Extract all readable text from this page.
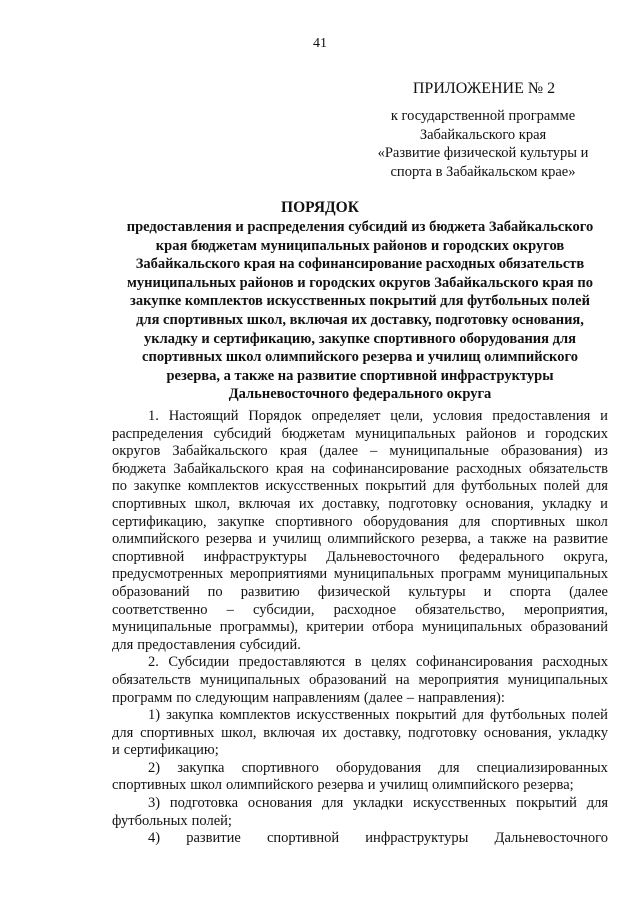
41
ПРИЛОЖЕНИЕ № 2
к государственной программе
Забайкальского края
«Развитие физической культуры и
спорта в Забайкальском крае»
ПОРЯДОК
предоставления и распределения субсидий из бюджета Забайкальского
края бюджетам муниципальных районов и городских округов
Забайкальского края на софинансирование расходных обязательств
муниципальных районов и городских округов Забайкальского края по
закупке комплектов искусственных покрытий для футбольных полей
для спортивных школ, включая их доставку, подготовку основания,
укладку и сертификацию, закупке спортивного оборудования для
спортивных школ олимпийского резерва и училищ олимпийского
резерва, а также на развитие спортивной инфраструктуры
Дальневосточного федерального округа
1. Настоящий Порядок определяет цели, условия предоставления и
распределения субсидий бюджетам муниципальных районов и городских
округов Забайкальского края (далее – муниципальные образования) из
бюджета Забайкальского края на софинансирование расходных обязательств
по закупке комплектов искусственных покрытий для футбольных полей для
спортивных школ, включая их доставку, подготовку основания, укладку и
сертификацию, закупке спортивного оборудования для спортивных школ
олимпийского резерва и училищ олимпийского резерва, а также на развитие
спортивной инфраструктуры Дальневосточного федерального округа,
предусмотренных мероприятиями муниципальных программ муниципальных
образований по развитию физической культуры и спорта (далее
соответственно – субсидии, расходное обязательство, мероприятия,
муниципальные программы), критерии отбора муниципальных образований
для предоставления субсидий.
2. Субсидии предоставляются в целях софинансирования расходных
обязательств муниципальных образований на мероприятия муниципальных
программ по следующим направлениям (далее – направления):
1) закупка комплектов искусственных покрытий для футбольных полей
для спортивных школ, включая их доставку, подготовку основания, укладку
и сертификацию;
2) закупка спортивного оборудования для специализированных
спортивных школ олимпийского резерва и училищ олимпийского резерва;
3) подготовка основания для укладки искусственных покрытий для
футбольных полей;
4) развитие спортивной инфраструктуры Дальневосточного
